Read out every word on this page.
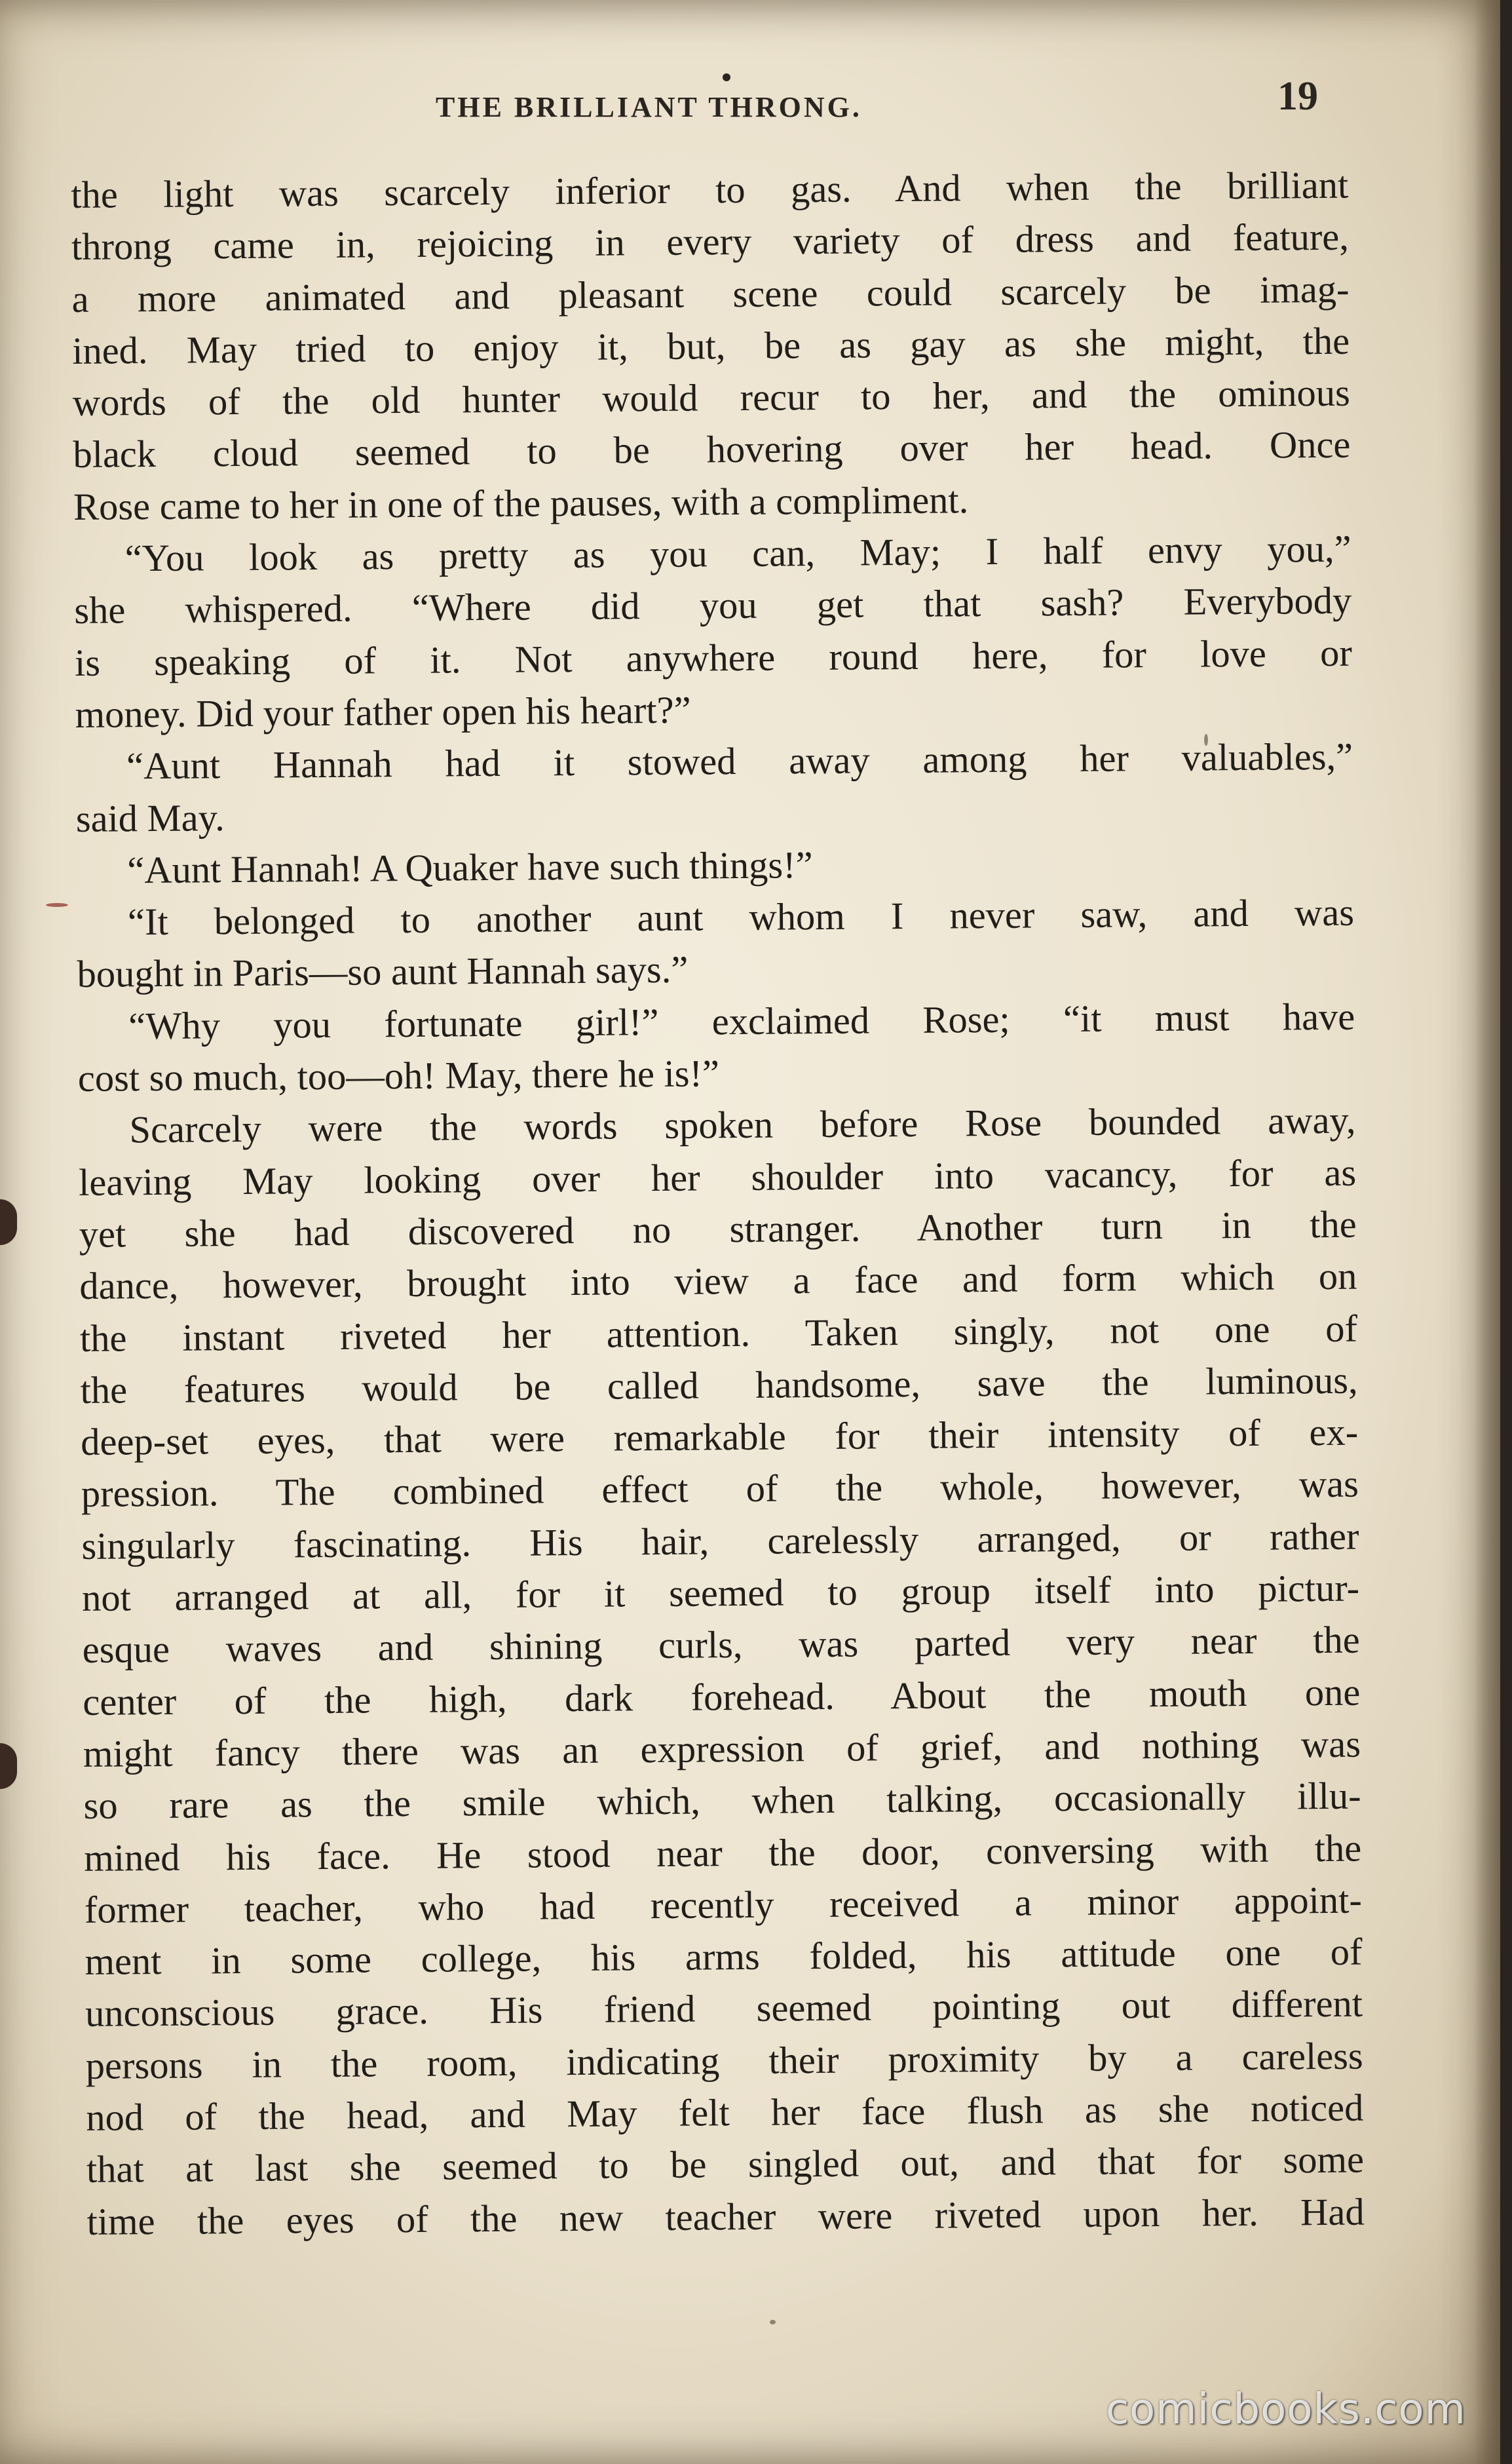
THE BRILLIANT THRONG.	19
the light was scarcely inferior to gas. And when the brilliant
throng came in, rejoicing in every variety of dress and feature,
a more animated and pleasant scene could scarcely be imag-
ined. May tried to enjoy it, but, be as gay as she might, the
words of the old hunter would recur to her, and the ominous
black cloud seemed to be hovering over her head. Once
Rose came to her in one of the pauses, with a compliment.
“You look as pretty as you can, May; I half envy you,”
she whispered. “Where did you get that sash? Everybody
is speaking of it. Not anywhere round here, for love or
money. Did your father open his heart?”
“Aunt Hannah had it stowed away among her valuables,”
said May.
“Aunt Hannah! A Quaker have such things!”
“It belonged to another aunt whom I never saw, and was
bought in Paris—so aunt Hannah says.”
“Why you fortunate girl!” exclaimed Rose; “it must have
cost so much, too—oh! May, there he is!”
Scarcely were the words spoken before Rose bounded away,
leaving May looking over her shoulder into vacancy, for as
yet she had discovered no stranger. Another turn in the
dance, however, brought into view a face and form which on
the instant riveted her attention. Taken singly, not one of
the features would be called handsome, save the luminous,
deep-set eyes, that were remarkable for their intensity of ex-
pression. The combined effect of the whole, however, was
singularly fascinating. His hair, carelessly arranged, or rather
not arranged at all, for it seemed to group itself into pictur-
esque waves and shining curls, was parted very near the
center of the high, dark forehead. About the mouth one
might fancy there was an expression of grief, and nothing was
so rare as the smile which, when talking, occasionally illu-
mined his face. He stood near the door, conversing with the
former teacher, who had recently received a minor appoint-
ment in some college, his arms folded, his attitude one of
unconscious grace. His friend seemed pointing out different
persons in the room, indicating their proximity by a careless
nod of the head, and May felt her face flush as she noticed
that at last she seemed to be singled out, and that for some
time the eyes of the new teacher were riveted upon her. Had
comicbooks.com
